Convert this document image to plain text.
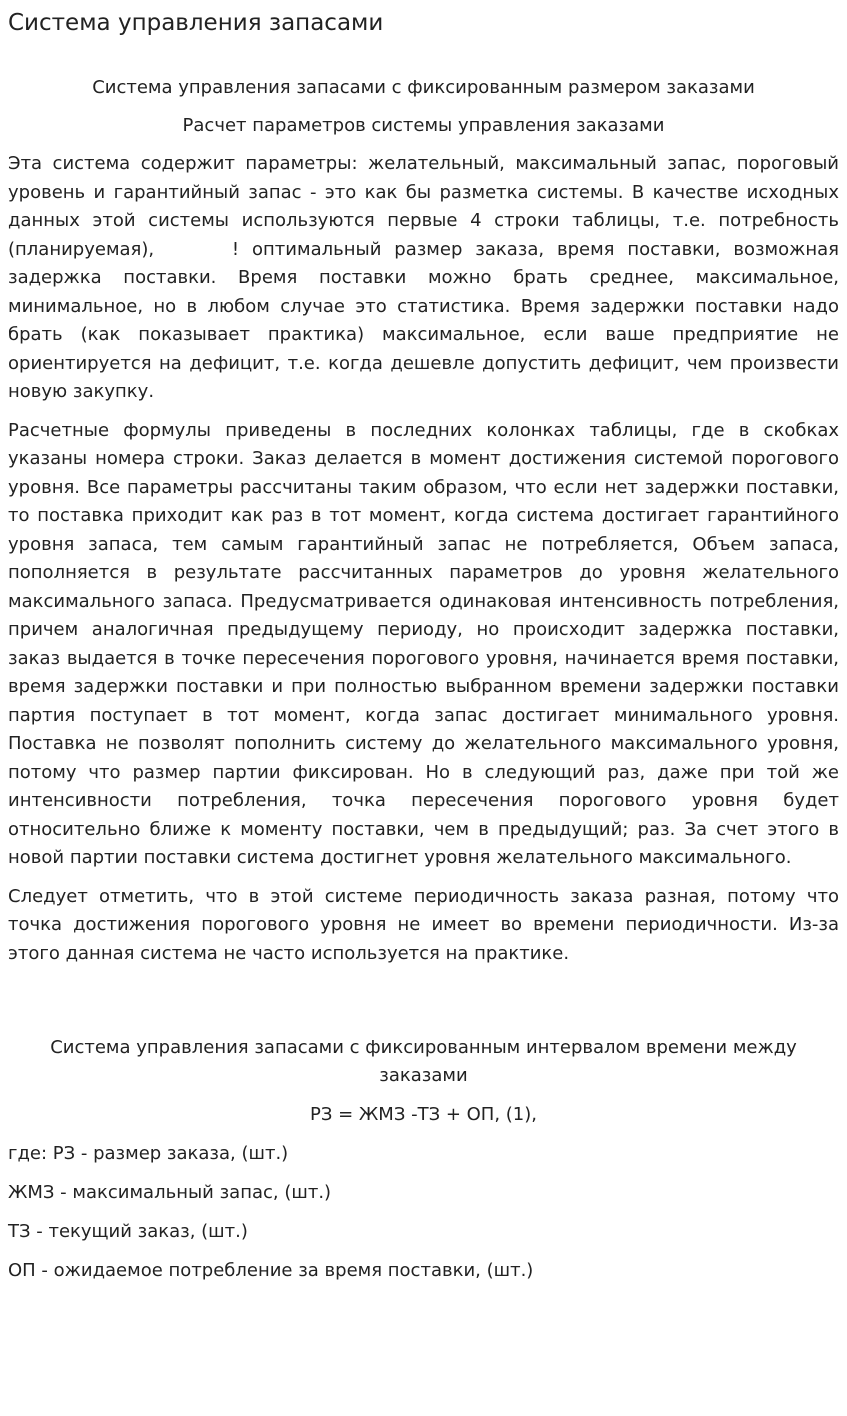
Система управления запасами

Система управления запасами с фиксированным размером заказами

Расчет параметров системы управления заказами

Эта система содержит параметры: желательный, максимальный запас, пороговый уровень и гарантийный запас - это как бы разметка системы. В качестве исходных данных этой системы используются первые 4 строки таблицы, т.е. потребность (планируемая),	! оптимальный размер заказа, время поставки, возможная задержка поставки. Время поставки можно брать среднее, максимальное, минимальное, но в любом случае это статистика. Время задержки поставки надо брать (как показывает практика) максимальное, если ваше предприятие не ориентируется на дефицит, т.е. когда дешевле допустить дефицит, чем произвести новую закупку.

Расчетные формулы приведены в последних колонках таблицы, где в скобках указаны номера строки. Заказ делается в момент достижения системой порогового уровня. Все параметры рассчитаны таким образом, что если нет задержки поставки, то поставка приходит как раз в тот момент, когда система достигает гарантийного уровня запаса, тем самым гарантийный запас не потребляется, Объем запаса, пополняется в результате рассчитанных параметров до уровня желательного максимального запаса. Предусматривается одинаковая интенсивность потребления, причем аналогичная предыдущему периоду, но происходит задержка поставки, заказ выдается в точке пересечения порогового уровня, начинается время поставки, время задержки поставки и при полностью выбранном времени задержки поставки партия поступает в тот момент, когда запас достигает минимального уровня. Поставка не позволят пополнить систему до желательного максимального уровня, потому что размер партии фиксирован. Но в следующий раз, даже при той же интенсивности потребления, точка пересечения порогового уровня будет относительно ближе к моменту поставки, чем в предыдущий; раз. За счет этого в новой партии поставки система достигнет уровня желательного максимального.

Следует отметить, что в этой системе периодичность заказа разная, потому что точка достижения порогового уровня не имеет во времени периодичности. Из-за этого данная система не часто используется на практике.

Система управления запасами с фиксированным интервалом времени между заказами

РЗ = ЖМЗ -ТЗ + ОП, (1),

где: РЗ - размер заказа, (шт.)

ЖМЗ - максимальный запас, (шт.)

ТЗ - текущий заказ, (шт.)

ОП - ожидаемое потребление за время поставки, (шт.)
